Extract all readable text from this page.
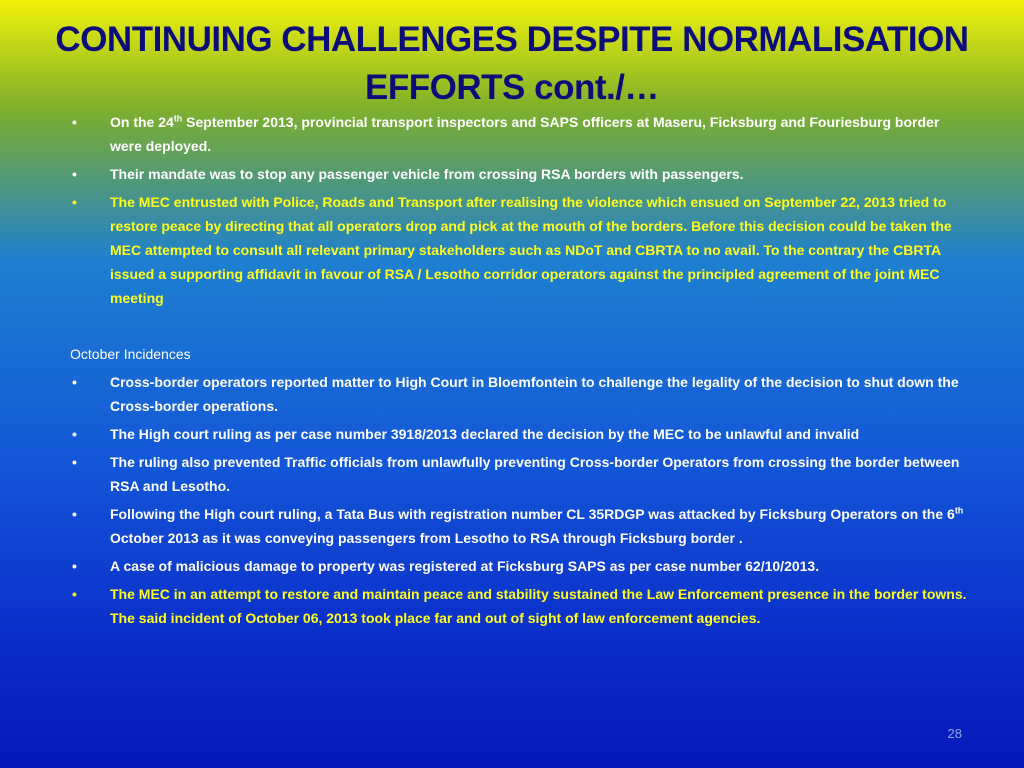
CONTINUING CHALLENGES DESPITE NORMALISATION EFFORTS cont./…
• On the 24th September 2013, provincial transport inspectors and SAPS officers at Maseru, Ficksburg and Fouriesburg border were deployed.
• Their mandate was to stop any passenger vehicle from crossing RSA borders with passengers.
• The MEC entrusted with Police, Roads and Transport after realising the violence which ensued on September 22, 2013 tried to restore peace by directing that all operators drop and pick at the mouth of the borders. Before this decision could be taken the MEC attempted to consult all relevant primary stakeholders such as NDoT and CBRTA to no avail. To the contrary the CBRTA issued a supporting affidavit in favour of RSA / Lesotho corridor operators against the principled agreement of the joint MEC meeting
October Incidences
• Cross-border operators reported matter to High Court in Bloemfontein to challenge the legality of the decision to shut down the Cross-border operations.
• The High court ruling as per case number 3918/2013 declared the decision by the MEC to be unlawful and invalid
• The ruling also prevented Traffic officials from unlawfully preventing Cross-border Operators from crossing the border between RSA and Lesotho.
• Following the High court ruling, a Tata Bus with registration number CL 35RDGP was attacked by Ficksburg Operators on the 6th October 2013 as it was conveying passengers from Lesotho to RSA through Ficksburg border .
• A case of malicious damage to property was registered at Ficksburg SAPS as per case number 62/10/2013.
• The MEC in an attempt to restore and maintain peace and stability sustained the Law Enforcement presence in the border towns. The said incident of October 06, 2013 took place far and out of sight of law enforcement agencies.
28
